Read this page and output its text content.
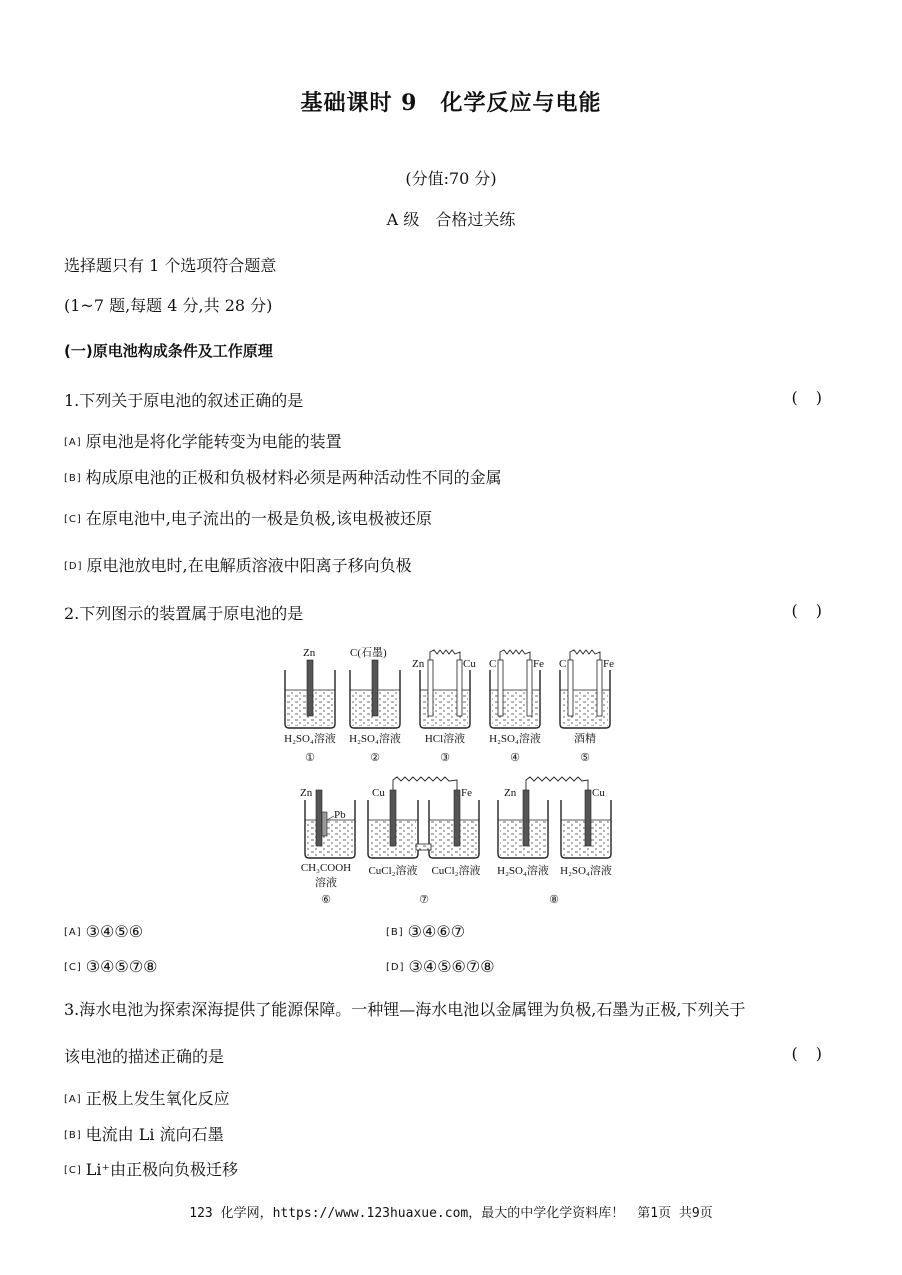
基础课时 9　化学反应与电能
(分值:70 分)
A 级　合格过关练
选择题只有 1 个选项符合题意
(1~7 题,每题 4 分,共 28 分)
(一)原电池构成条件及工作原理
1.下列关于原电池的叙述正确的是	()
[A] 原电池是将化学能转变为电能的装置
[B] 构成原电池的正极和负极材料必须是两种活动性不同的金属
[C] 在原电池中,电子流出的一极是负极,该电极被还原
[D] 原电池放电时,在电解质溶液中阳离子移向负极
2.下列图示的装置属于原电池的是	()
Zn	C(石墨)
Zn	Cu C	Fe C	Fe
H₂SO₄溶液 H₂SO₄溶液 HCl溶液 H₂SO₄溶液	酒精
①	②	③	④	⑤
Zn
Pb
Cu	Fe	Zn	Cu
CH₃COOH
溶液
CuCl₂溶液 CuCl₂溶液 H₂SO₄溶液 H₂SO₄溶液
⑥	⑦	⑧
[A] ③④⑤⑥	[B] ③④⑥⑦
[C] ③④⑤⑦⑧	[D] ③④⑤⑥⑦⑧
3.海水电池为探索深海提供了能源保障。一种锂—海水电池以金属锂为负极,石墨为正极,下列关于
该电池的描述正确的是	()
[A] 正极上发生氧化反应
[B] 电流由 Li 流向石墨
[C] Li⁺由正极向负极迁移
123 化学网，https://www.123huaxue.com，最大的中学化学资料库！　第1页 共9页
